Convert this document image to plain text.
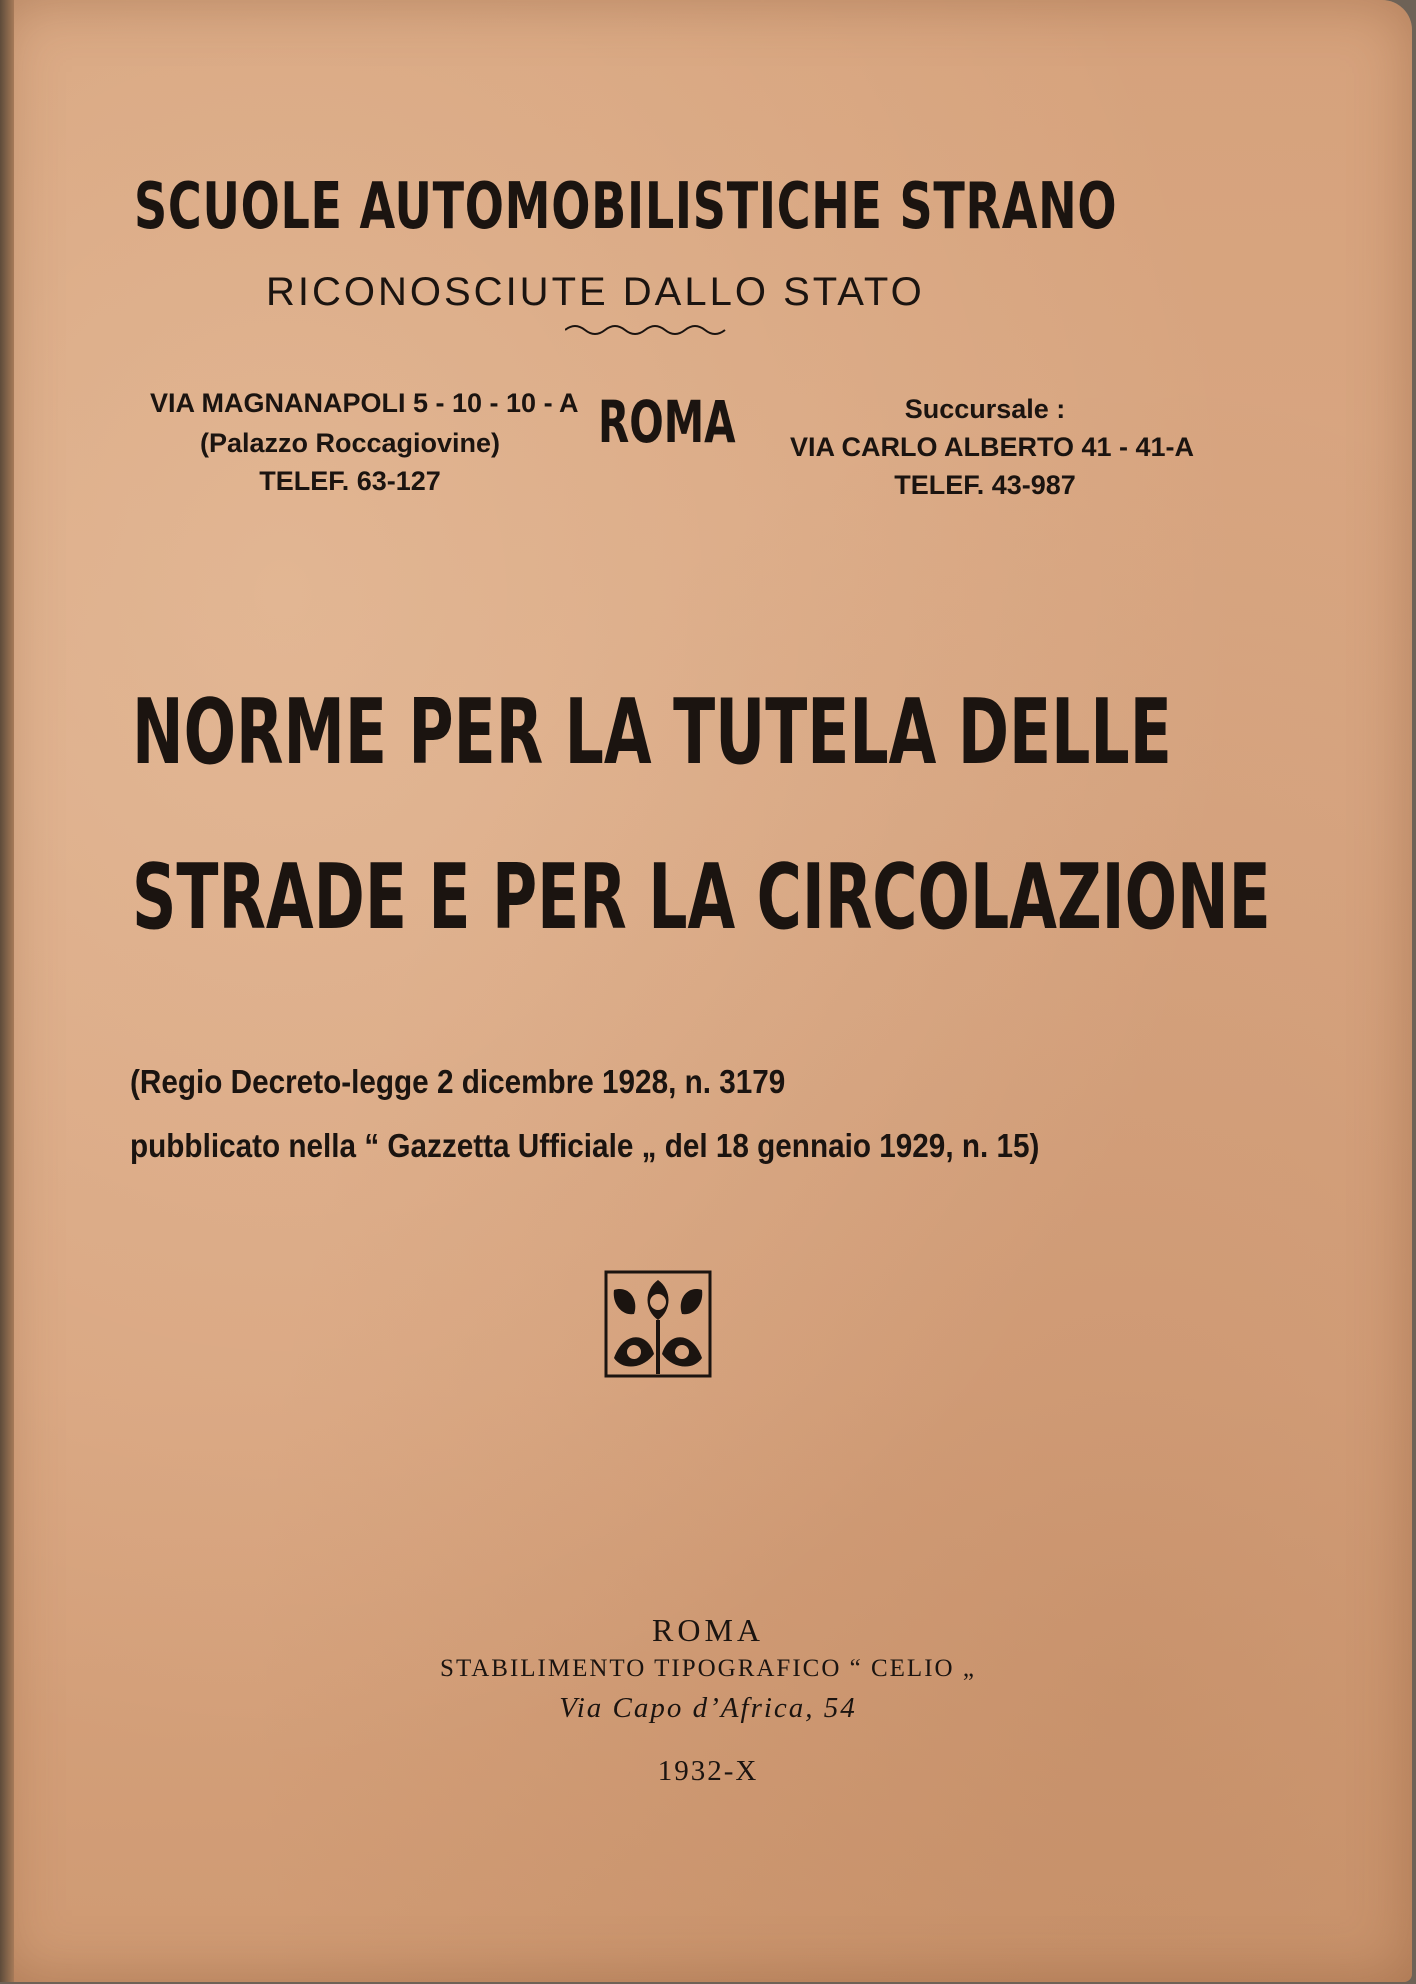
SCUOLE AUTOMOBILISTICHE STRANO
RICONOSCIUTE DALLO STATO
VIA MAGNANAPOLI 5 - 10 - 10 - A
(Palazzo Roccagiovine)
TELEF. 63-127
ROMA	Succursale :
VIA CARLO ALBERTO 41 - 41-A
TELEF. 43-987
NORME PER LA TUTELA DELLE
STRADE E PER LA CIRCOLAZIONE
(Regio Decreto-legge 2 dicembre 1928, n. 3179
pubblicato nella “ Gazzetta Ufficiale „ del 18 gennaio 1929, n. 15)
ROMA
STABILIMENTO TIPOGRAFICO “ CELIO „
Via Capo d’Africa, 54
1932-X
